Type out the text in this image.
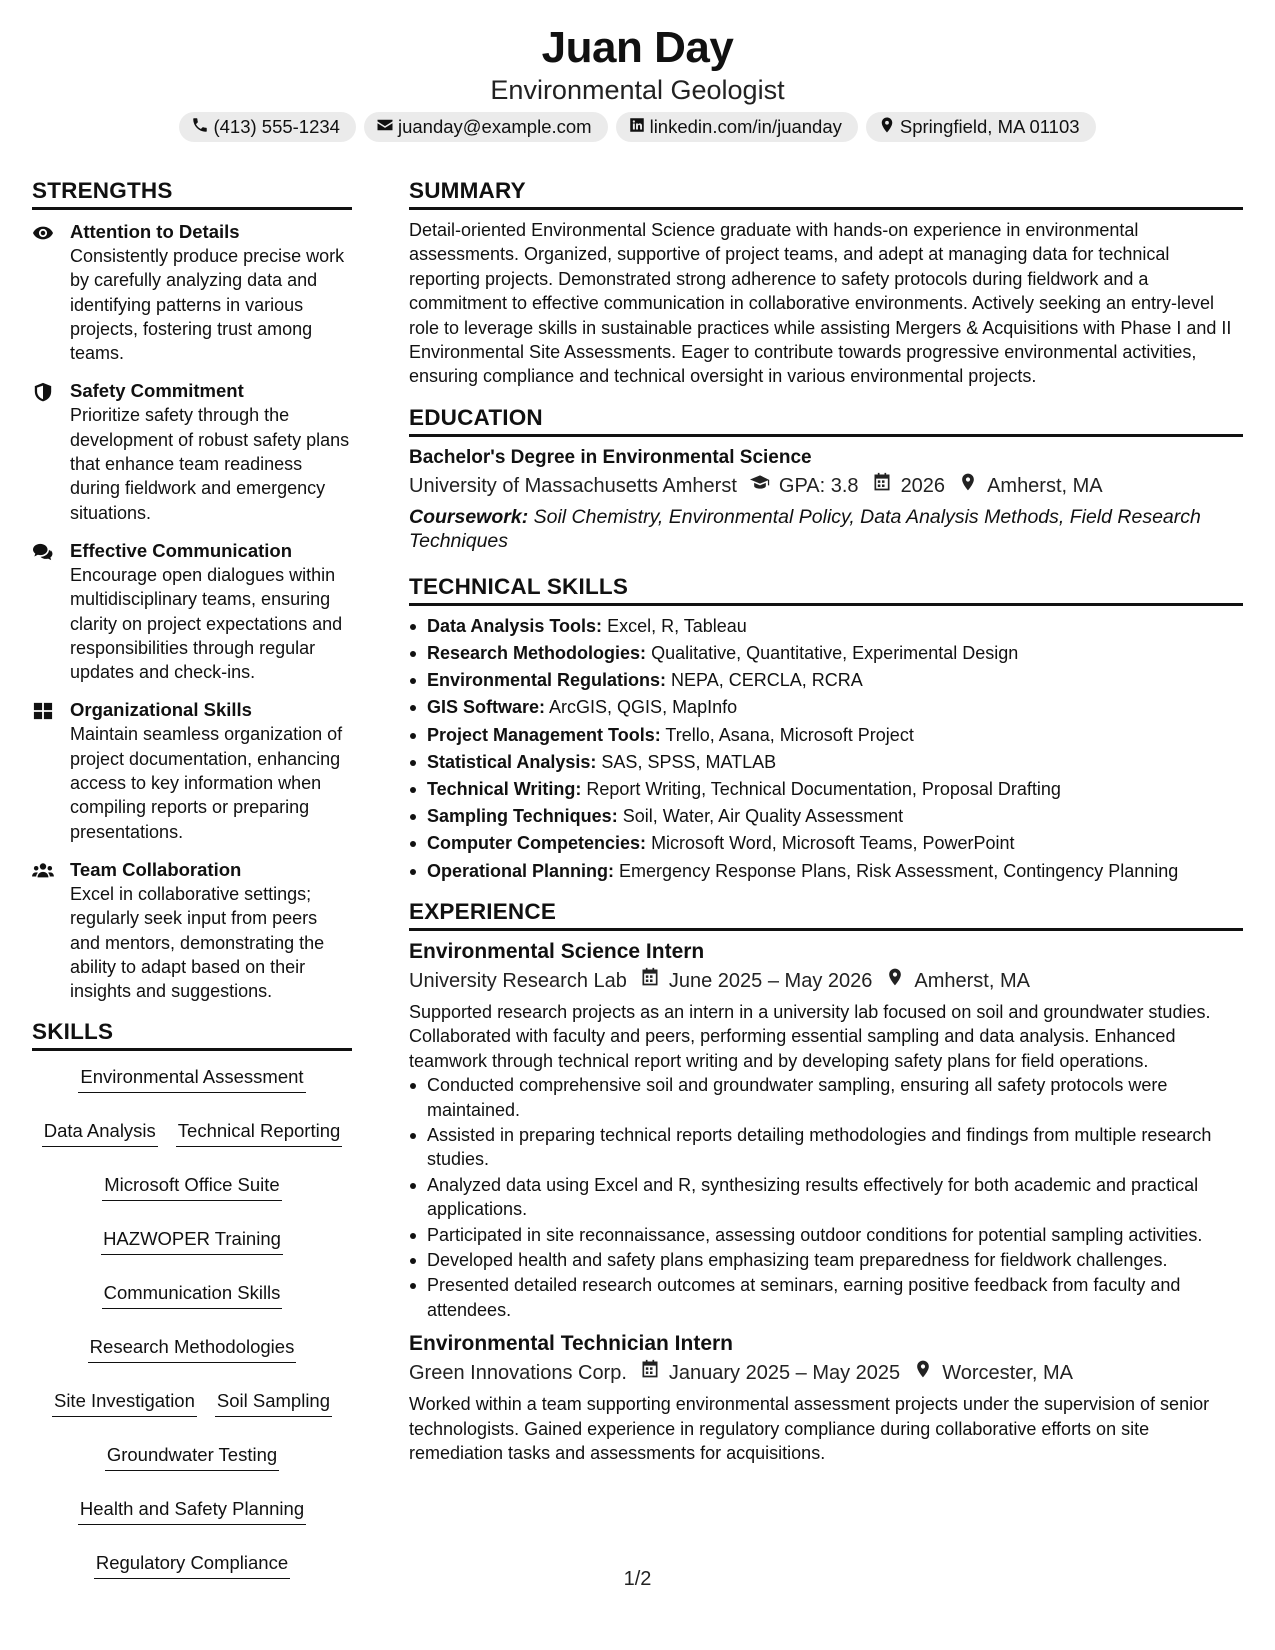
Juan Day
Environmental Geologist
(413) 555-1234	juanday@example.com	linkedin.com/in/juanday	Springfield, MA 01103
STRENGTHS
Attention to Details
Consistently produce precise work by carefully analyzing data and identifying patterns in various projects, fostering trust among teams.
Safety Commitment
Prioritize safety through the development of robust safety plans that enhance team readiness during fieldwork and emergency situations.
Effective Communication
Encourage open dialogues within multidisciplinary teams, ensuring clarity on project expectations and responsibilities through regular updates and check-ins.
Organizational Skills
Maintain seamless organization of project documentation, enhancing access to key information when compiling reports or preparing presentations.
Team Collaboration
Excel in collaborative settings; regularly seek input from peers and mentors, demonstrating the ability to adapt based on their insights and suggestions.
SKILLS
Environmental Assessment
Data Analysis Technical Reporting
Microsoft Office Suite
HAZWOPER Training
Communication Skills
Research Methodologies
Site Investigation Soil Sampling
Groundwater Testing
Health and Safety Planning
Regulatory Compliance
SUMMARY
Detail-oriented Environmental Science graduate with hands-on experience in environmental assessments. Organized, supportive of project teams, and adept at managing data for technical reporting projects. Demonstrated strong adherence to safety protocols during fieldwork and a commitment to effective communication in collaborative environments. Actively seeking an entry-level role to leverage skills in sustainable practices while assisting Mergers & Acquisitions with Phase I and II Environmental Site Assessments. Eager to contribute towards progressive environmental activities, ensuring compliance and technical oversight in various environmental projects.
EDUCATION
Bachelor's Degree in Environmental Science
University of Massachusetts Amherst GPA: 3.8 2026 Amherst, MA
Coursework: Soil Chemistry, Environmental Policy, Data Analysis Methods, Field Research Techniques
TECHNICAL SKILLS
Data Analysis Tools: Excel, R, Tableau
Research Methodologies: Qualitative, Quantitative, Experimental Design
Environmental Regulations: NEPA, CERCLA, RCRA
GIS Software: ArcGIS, QGIS, MapInfo
Project Management Tools: Trello, Asana, Microsoft Project
Statistical Analysis: SAS, SPSS, MATLAB
Technical Writing: Report Writing, Technical Documentation, Proposal Drafting
Sampling Techniques: Soil, Water, Air Quality Assessment
Computer Competencies: Microsoft Word, Microsoft Teams, PowerPoint
Operational Planning: Emergency Response Plans, Risk Assessment, Contingency Planning
EXPERIENCE
Environmental Science Intern
University Research Lab June 2025 – May 2026 Amherst, MA
Supported research projects as an intern in a university lab focused on soil and groundwater studies. Collaborated with faculty and peers, performing essential sampling and data analysis. Enhanced teamwork through technical report writing and by developing safety plans for field operations.
Conducted comprehensive soil and groundwater sampling, ensuring all safety protocols were maintained.
Assisted in preparing technical reports detailing methodologies and findings from multiple research studies.
Analyzed data using Excel and R, synthesizing results effectively for both academic and practical applications.
Participated in site reconnaissance, assessing outdoor conditions for potential sampling activities.
Developed health and safety plans emphasizing team preparedness for fieldwork challenges.
Presented detailed research outcomes at seminars, earning positive feedback from faculty and attendees.
Environmental Technician Intern
Green Innovations Corp. January 2025 – May 2025 Worcester, MA
Worked within a team supporting environmental assessment projects under the supervision of senior technologists. Gained experience in regulatory compliance during collaborative efforts on site remediation tasks and assessments for acquisitions.
1/2
